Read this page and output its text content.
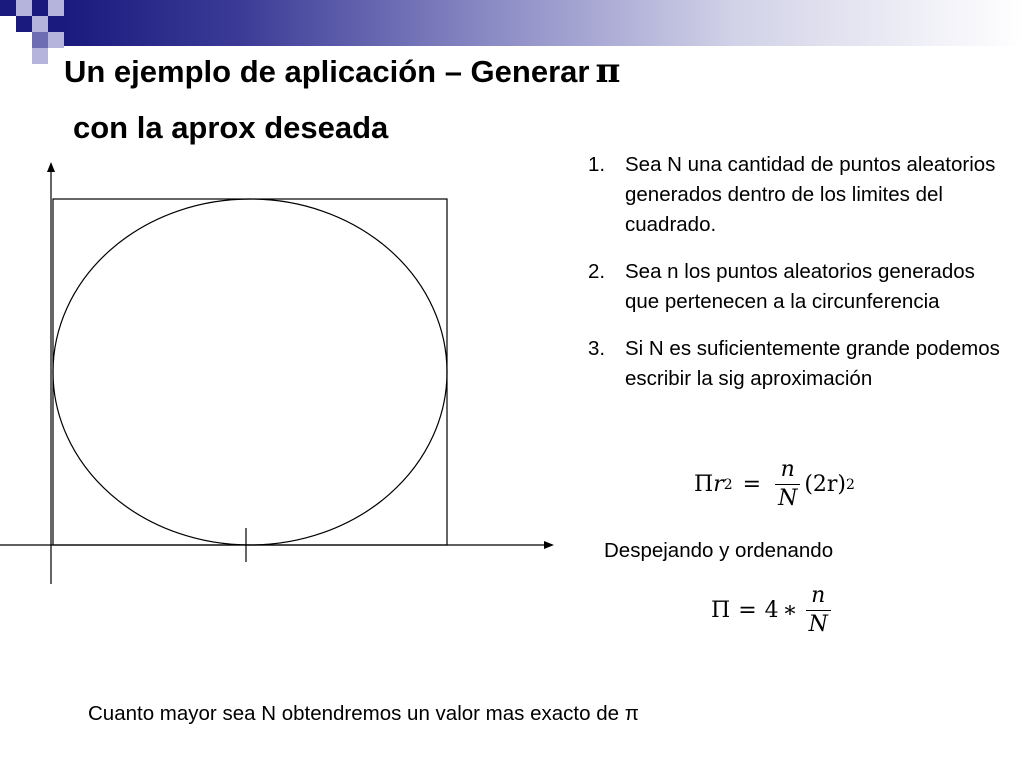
Un ejemplo de aplicación – Generar π
con la aprox deseada
1. Sea N una cantidad de puntos aleatorios generados dentro de los limites del cuadrado.
2. Sea n los puntos aleatorios generados que pertenecen a la circunferencia
3. Si N es suficientemente grande podemos escribir la sig aproximación
Π r $2 = \frac{n}{N} (2r)$ 2
Despejando y ordenando
Π = 4 ∗ $\frac{n}{N}$
Cuanto mayor sea N obtendremos un valor mas exacto de π
